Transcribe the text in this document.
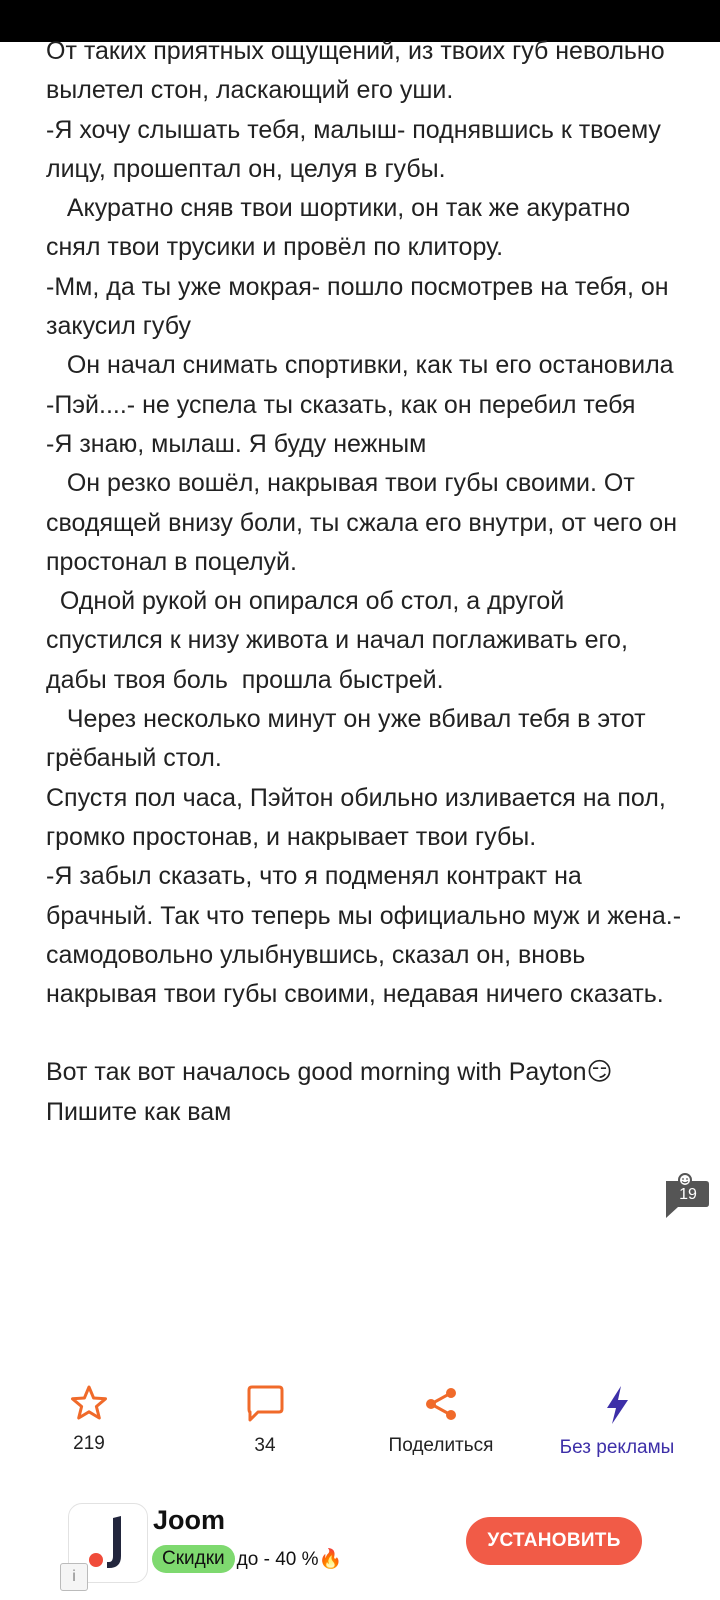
От таких приятных ощущений, из твоих губ невольно вылетел стон, ласкающий его уши.

-Я хочу слышать тебя, малыш- поднявшись к твоему лицу, прошептал он, целуя в губы.

Акуратно сняв твои шортики, он так же акуратно снял твои трусики и провёл по клитору.

-Мм, да ты уже мокрая- пошло посмотрев на тебя, он закусил губу

Он начал снимать спортивки, как ты его остановила

-Пэй....- не успела ты сказать, как он перебил тебя

-Я знаю, мылаш. Я буду нежным

Он резко вошёл, накрывая твои губы своими. От сводящей внизу боли, ты сжала его внутри, от чего он простонал в поцелуй.

Одной рукой он опирался об стол, а другой спустился к низу живота и начал поглаживать его, дабы твоя боль  прошла быстрей.

Через несколько минут он уже вбивал тебя в этот грёбаный стол.

Спустя пол часа, Пэйтон обильно изливается на пол, громко простонав, и накрывает твои губы.

-Я забыл сказать, что я подменял контракт на брачный. Так что теперь мы официально муж и жена.- самодовольно улыбнувшись, сказал он, вновь накрывая твои губы своими, недавая ничего сказать.

Вот так вот началось good morning with Payton😏

Пишите как вам

19
219	34	Поделиться	Без рекламы
i
Joom
Скидки до - 40 %🔥
УСТАНОВИТЬ
